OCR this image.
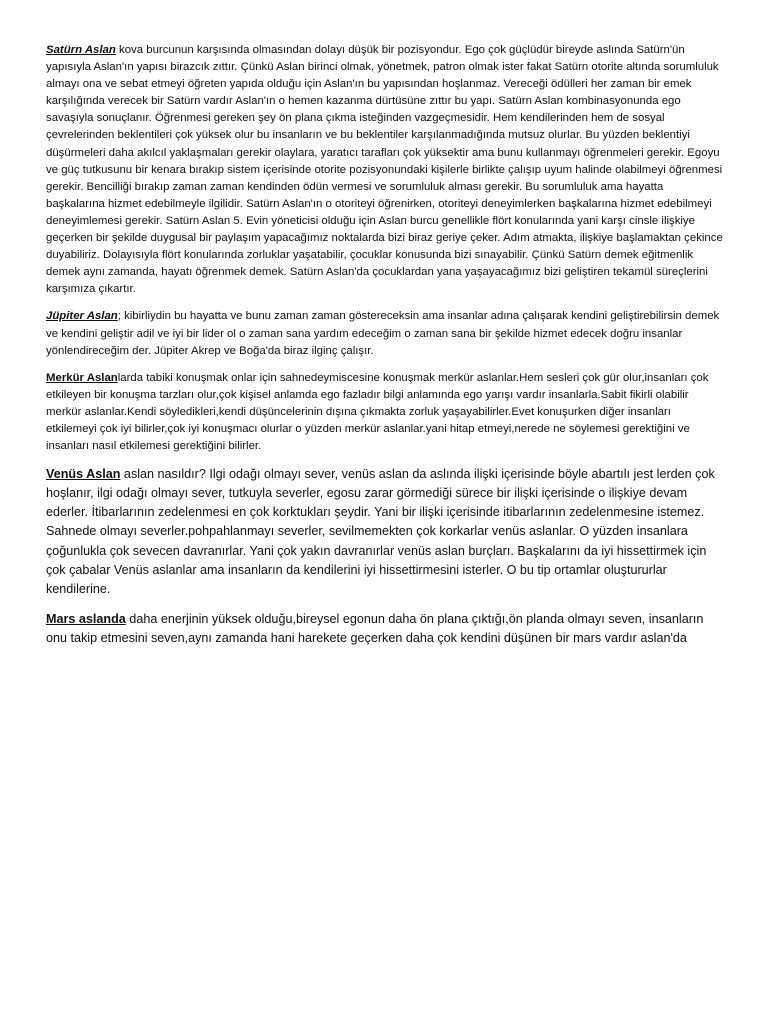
Satürn Aslan kova burcunun karşısında olmasından dolayı düşük bir pozisyondur. Ego çok güçlüdür bireyde aslında Satürn'ün yapısıyla Aslan'ın yapısı birazcık zıttır. Çünkü Aslan birinci olmak, yönetmek, patron olmak ister fakat Satürn otorite altında sorumluluk almayı ona ve sebat etmeyi öğreten yapıda olduğu için Aslan'ın bu yapısından hoşlanmaz. Vereceği ödülleri her zaman bir emek karşılığında verecek bir Satürn vardır Aslan'ın o hemen kazanma dürtüsüne zıttır bu yapı. Satürn Aslan kombinasyonunda ego savaşıyla sonuçlanır. Öğrenmesi gereken şey ön plana çıkma isteğinden vazgeçmesidir. Hem kendilerinden hem de sosyal çevrelerinden beklentileri çok yüksek olur bu insanların ve bu beklentiler karşılanmadığında mutsuz olurlar. Bu yüzden beklentiyi düşürmeleri daha akılcıl yaklaşmaları gerekir olaylara, yaratıcı tarafları çok yüksektir ama bunu kullanmayı öğrenmeleri gerekir. Egoyu ve güç tutkusunu bir kenara bırakıp sistem içerisinde otorite pozisyonundaki kişilerle birlikte çalışıp uyum halinde olabilmeyi öğrenmesi gerekir. Bencilliği bırakıp zaman zaman kendinden ödün vermesi ve sorumluluk alması gerekir. Bu sorumluluk ama hayatta başkalarına hizmet edebilmeyle ilgilidir. Satürn Aslan'ın o otoriteyi öğrenirken, otoriteyi deneyimlerken başkalarına hizmet edebilmeyi deneyimlemesi gerekir. Satürn Aslan 5. Evin yöneticisi olduğu için Aslan burcu genellikle flört konularında yani karşı cinsle ilişkiye geçerken bir şekilde duygusal bir paylaşım yapacağımız noktalarda bizi biraz geriye çeker. Adım atmakta, ilişkiye başlamaktan çekince duyabiliriz. Dolayısıyla flört konularında zorluklar yaşatabilir, çocuklar konusunda bizi sınayabilir. Çünkü Satürn demek eğitmenlik demek aynı zamanda, hayatı öğrenmek demek. Satürn Aslan'da çocuklardan yana yaşayacağımız bizi geliştiren tekamül süreçlerini karşımıza çıkartır.

Jüpiter Aslan; kibirliydin bu hayatta ve bunu zaman zaman göstereceksin ama insanlar adına çalışarak kendini geliştirebilirsin demek ve kendini geliştir adil ve iyi bir lider ol o zaman sana yardım edeceğim o zaman sana bir şekilde hizmet edecek doğru insanlar yönlendireceğim der. Jüpiter Akrep ve Boğa'da biraz ilginç çalışır.

Merkür Aslanlarda tabiki konuşmak onlar için sahnedeymiscesine konuşmak merkür aslanlar.Hem sesleri çok gür olur,insanları çok etkileyen bir konuşma tarzları olur,çok kişisel anlamda ego fazladır bilgi anlamında ego yarışı vardır insanlarla.Sabit fikirli olabilir merkür aslanlar.Kendi söyledikleri,kendi düşüncelerinin dışına çıkmakta zorluk yaşayabilirler.Evet konuşurken diğer insanları etkilemeyi çok iyi bilirler,çok iyi konuşmacı olurlar o yüzden merkür aslanlar.yani hitap etmeyi,nerede ne söylemesi gerektiğini ve insanları nasıl etkilemesi gerektiğini bilirler.

Venüs Aslan aslan nasıldır? Ilgi odağı olmayı sever, venüs aslan da aslında ilişki içerisinde böyle abartılı jest lerden çok hoşlanır, ilgi odağı olmayı sever, tutkuyla severler, egosu zarar görmediği sürece bir ilişki içerisinde o ilişkiye devam ederler. İtibarlarının zedelenmesi en çok korktukları şeydir. Yani bir ilişki içerisinde itibarlarının zedelenmesine istemez. Sahnede olmayı severler.pohpahlanmayı severler, sevilmemekten çok korkarlar venüs aslanlar. O yüzden insanlara çoğunlukla çok sevecen davranırlar. Yani çok yakın davranırlar venüs aslan burçları. Başkalarını da iyi hissettirmek için çok çabalar Venüs aslanlar ama insanların da kendilerini iyi hissettirmesini isterler. O bu tip ortamlar oluştururlar kendilerine.

Mars aslanda daha enerjinin yüksek olduğu,bireysel egonun daha ön plana çıktığı,ön planda olmayı seven, insanların onu takip etmesini seven,aynı zamanda hani harekete geçerken daha çok kendini düşünen bir mars vardır aslan'da
